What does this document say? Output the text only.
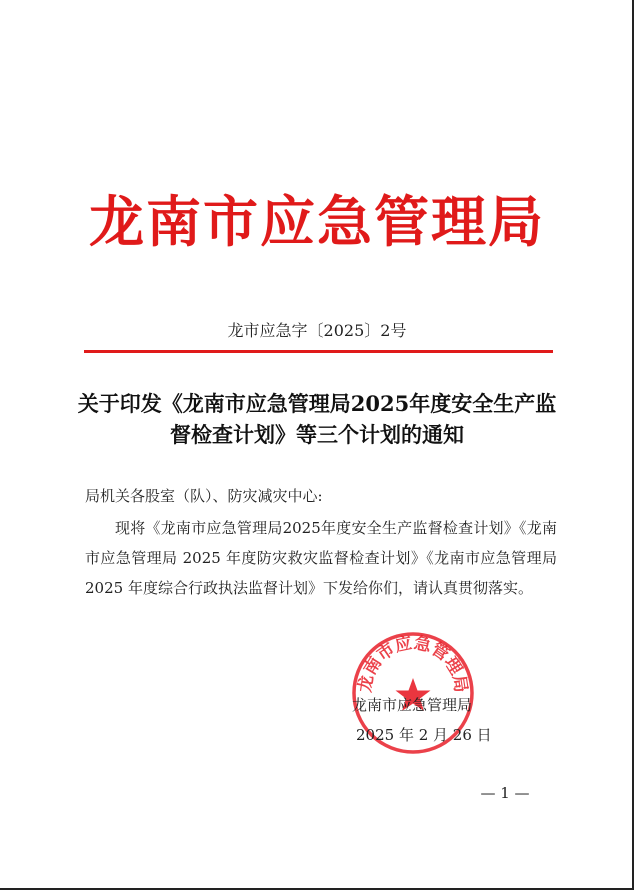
龙南市应急管理局
龙市应急字〔2025〕2号
关于印发《龙南市应急管理局2025年度安全生产监督检查计划》等三个计划的通知
局机关各股室（队）、防灾减灾中心:
现将《龙南市应急管理局2025年度安全生产监督检查计划》《龙南市应急管理局 2025 年度防灾救灾监督检查计划》《龙南市应急管理局 2025 年度综合行政执法监督计划》下发给你们，请认真贯彻落实。
龙南市应急管理局
龙南市应急管理局
2025 年 2 月 26 日
— 1 —
